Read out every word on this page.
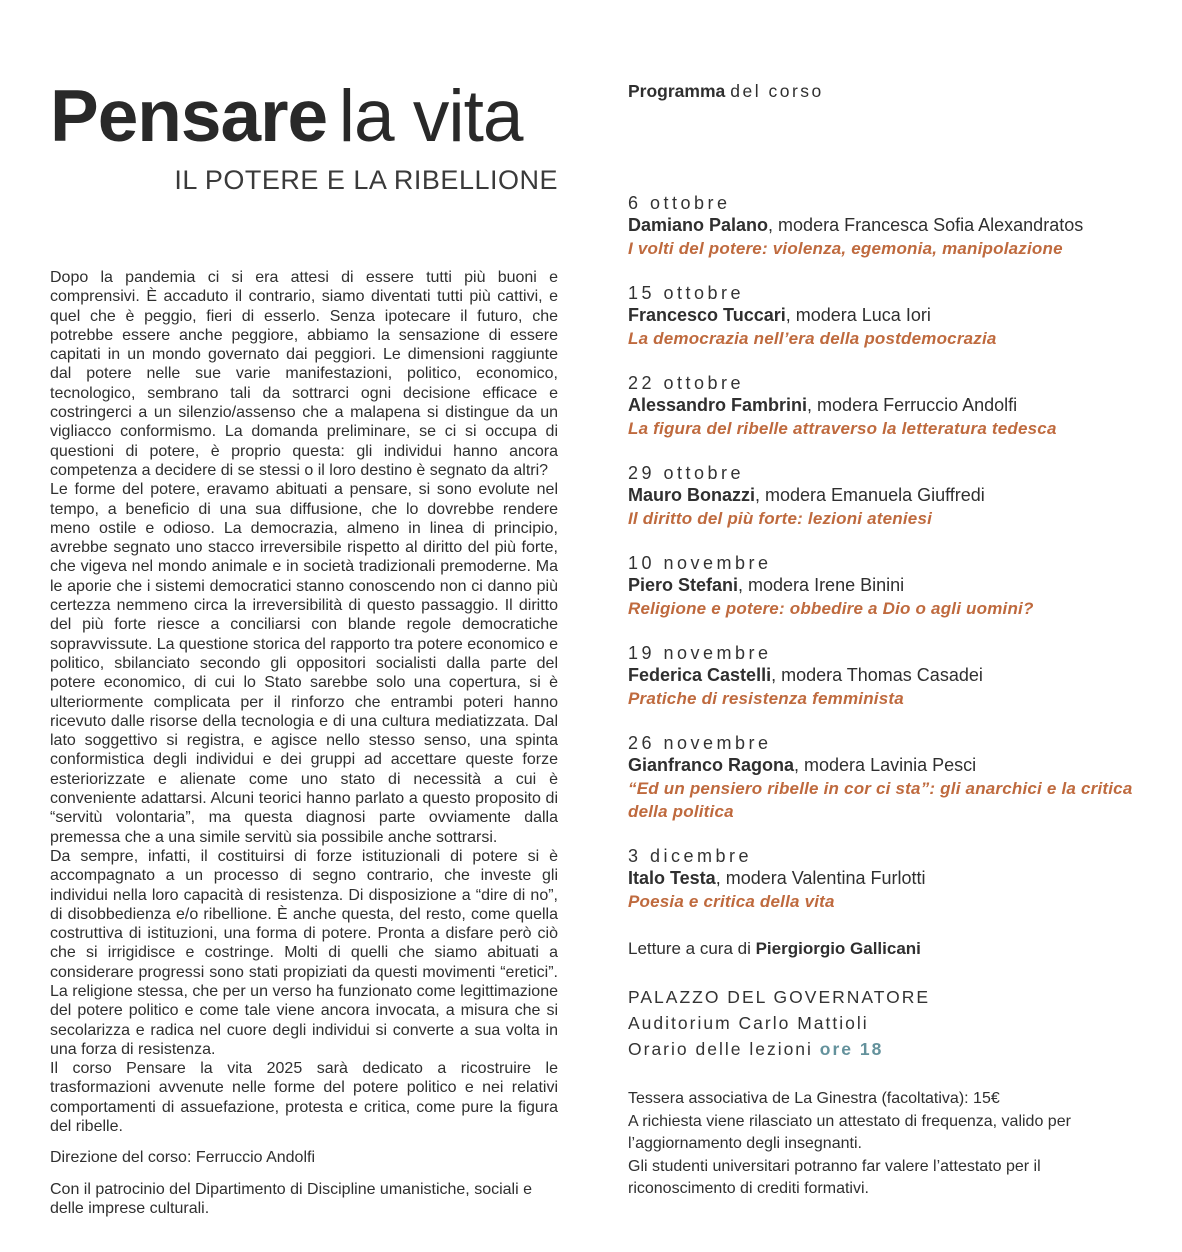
Pensare la vita
IL POTERE E LA RIBELLIONE

Dopo la pandemia ci si era attesi di essere tutti più buoni e comprensivi. È accaduto il contrario, siamo diventati tutti più cattivi, e quel che è peggio, fieri di esserlo. Senza ipotecare il futuro, che potrebbe essere anche peggiore, abbiamo la sensazione di essere capitati in un mondo governato dai peggiori. Le dimensioni raggiunte dal potere nelle sue varie manifestazioni, politico, economico, tecnologico, sembrano tali da sottrarci ogni decisione efficace e costringerci a un silenzio/assenso che a malapena si distingue da un vigliacco conformismo. La domanda preliminare, se ci si occupa di questioni di potere, è proprio questa: gli individui hanno ancora competenza a decidere di se stessi o il loro destino è segnato da altri?

Le forme del potere, eravamo abituati a pensare, si sono evolute nel tempo, a beneficio di una sua diffusione, che lo dovrebbe rendere meno ostile e odioso. La democrazia, almeno in linea di principio, avrebbe segnato uno stacco irreversibile rispetto al diritto del più forte, che vigeva nel mondo animale e in società tradizionali premoderne. Ma le aporie che i sistemi democratici stanno conoscendo non ci danno più certezza nemmeno circa la irreversibilità di questo passaggio. Il diritto del più forte riesce a conciliarsi con blande regole democratiche sopravvissute. La questione storica del rapporto tra potere economico e politico, sbilanciato secondo gli oppositori socialisti dalla parte del potere economico, di cui lo Stato sarebbe solo una copertura, si è ulteriormente complicata per il rinforzo che entrambi poteri hanno ricevuto dalle risorse della tecnologia e di una cultura mediatizzata. Dal lato soggettivo si registra, e agisce nello stesso senso, una spinta conformistica degli individui e dei gruppi ad accettare queste forze esteriorizzate e alienate come uno stato di necessità a cui è conveniente adattarsi. Alcuni teorici hanno parlato a questo proposito di “servitù volontaria”, ma questa diagnosi parte ovviamente dalla premessa che a una simile servitù sia possibile anche sottrarsi.

Da sempre, infatti, il costituirsi di forze istituzionali di potere si è accompagnato a un processo di segno contrario, che investe gli individui nella loro capacità di resistenza. Di disposizione a “dire di no”, di disobbedienza e/o ribellione. È anche questa, del resto, come quella costruttiva di istituzioni, una forma di potere. Pronta a disfare però ciò che si irrigidisce e costringe. Molti di quelli che siamo abituati a considerare progressi sono stati propiziati da questi movimenti “eretici”. La religione stessa, che per un verso ha funzionato come legittimazione del potere politico e come tale viene ancora invocata, a misura che si secolarizza e radica nel cuore degli individui si converte a sua volta in una forza di resistenza.

Il corso Pensare la vita 2025 sarà dedicato a ricostruire le trasformazioni avvenute nelle forme del potere politico e nei relativi comportamenti di assuefazione, protesta e critica, come pure la figura del ribelle.

Direzione del corso: Ferruccio Andolfi

Con il patrocinio del Dipartimento di Discipline umanistiche, sociali e delle imprese culturali.

Programma del corso
6 ottobre
Damiano Palano, modera Francesca Sofia Alexandratos
I volti del potere: violenza, egemonia, manipolazione
15 ottobre
Francesco Tuccari, modera Luca Iori
La democrazia nell’era della postdemocrazia
22 ottobre
Alessandro Fambrini, modera Ferruccio Andolfi
La figura del ribelle attraverso la letteratura tedesca
29 ottobre
Mauro Bonazzi, modera Emanuela Giuffredi
Il diritto del più forte: lezioni ateniesi
10 novembre
Piero Stefani, modera Irene Binini
Religione e potere: obbedire a Dio o agli uomini?
19 novembre
Federica Castelli, modera Thomas Casadei
Pratiche di resistenza femminista
26 novembre
Gianfranco Ragona, modera Lavinia Pesci
“Ed un pensiero ribelle in cor ci sta”: gli anarchici e la critica della politica
3 dicembre
Italo Testa, modera Valentina Furlotti
Poesia e critica della vita

Letture a cura di Piergiorgio Gallicani

PALAZZO DEL GOVERNATORE
Auditorium Carlo Mattioli
Orario delle lezioni ore 18
Tessera associativa de La Ginestra (facoltativa): 15€
A richiesta viene rilasciato un attestato di frequenza, valido per l’aggiornamento degli insegnanti.
Gli studenti universitari potranno far valere l’attestato per il riconoscimento di crediti formativi.
